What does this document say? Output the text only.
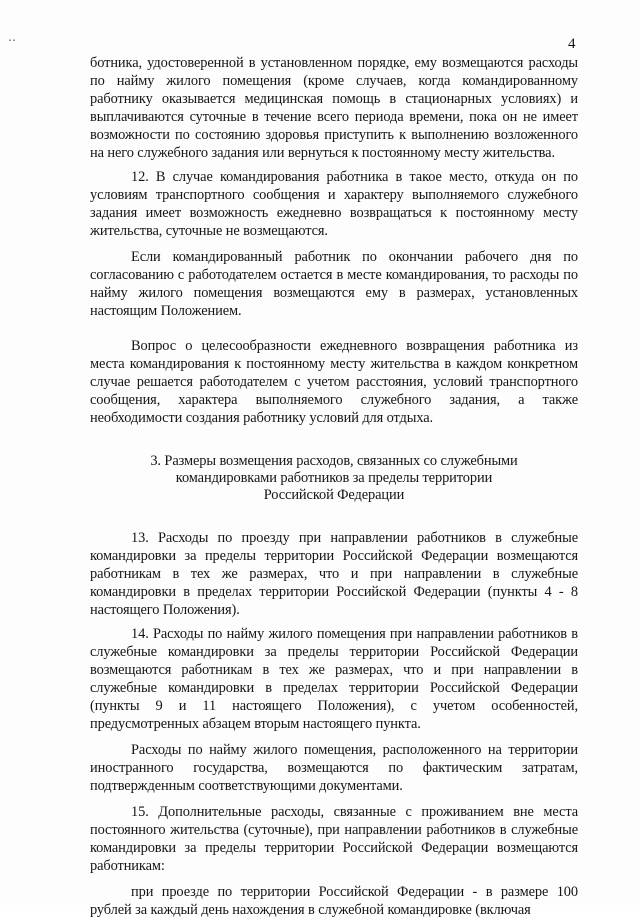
‥	4

ботника, удостоверенной в установленном порядке, ему возмещаются расходы по найму жилого помещения (кроме случаев, когда командированному работнику оказывается медицинская помощь в стационарных условиях) и выплачиваются суточные в течение всего периода времени, пока он не имеет возможности по состоянию здоровья приступить к выполнению возложенного на него служебного задания или вернуться к постоянному месту жительства.

12. В случае командирования работника в такое место, откуда он по условиям транспортного сообщения и характеру выполняемого служебного задания имеет возможность ежедневно возвращаться к постоянному месту жительства, суточные не возмещаются.

Если командированный работник по окончании рабочего дня по согласованию с работодателем остается в месте командирования, то расходы по найму жилого помещения возмещаются ему в размерах, установленных настоящим Положением.

Вопрос о целесообразности ежедневного возвращения работника из места командирования к постоянному месту жительства в каждом конкретном случае решается работодателем с учетом расстояния, условий транспортного сообщения, характера выполняемого служебного задания, а также необходимости создания работнику условий для отдыха.

3. Размеры возмещения расходов, связанных со служебными
командировками работников за пределы территории
Российской Федерации

13. Расходы по проезду при направлении работников в служебные командировки за пределы территории Российской Федерации возмещаются работникам в тех же размерах, что и при направлении в служебные командировки в пределах территории Российской Федерации (пункты 4 - 8 настоящего Положения).

14. Расходы по найму жилого помещения при направлении работников в служебные командировки за пределы территории Российской Федерации возмещаются работникам в тех же размерах, что и при направлении в служебные командировки в пределах территории Российской Федерации (пункты 9 и 11 настоящего Положения), с учетом особенностей, предусмотренных абзацем вторым настоящего пункта.

Расходы по найму жилого помещения, расположенного на территории иностранного государства, возмещаются по фактическим затратам, подтвержденным соответствующими документами.

15. Дополнительные расходы, связанные с проживанием вне места постоянного жительства (суточные), при направлении работников в служебные командировки за пределы территории Российской Федерации возмещаются работникам:

при проезде по территории Российской Федерации - в размере 100 рублей за каждый день нахождения в служебной командировке (включая
